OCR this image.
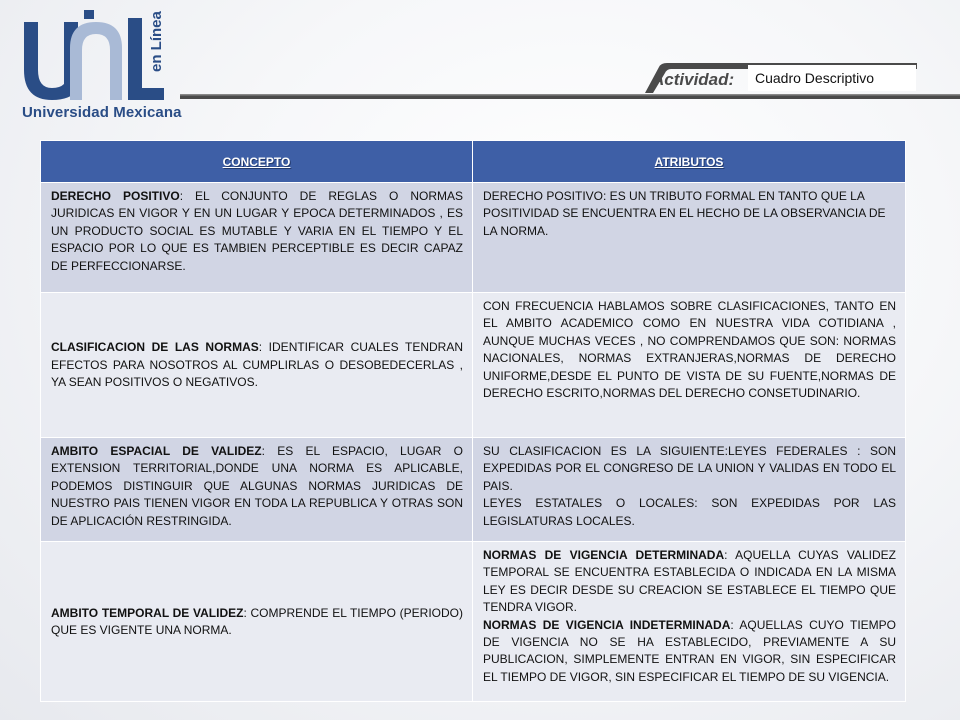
en Línea
Universidad Mexicana
Actividad:	Cuadro Descriptivo
CONCEPTO	ATRIBUTOS
DERECHO POSITIVO: EL CONJUNTO DE REGLAS O NORMAS JURIDICAS EN VIGOR Y EN UN LUGAR Y EPOCA DETERMINADOS , ES UN PRODUCTO SOCIAL ES MUTABLE Y VARIA EN EL TIEMPO Y EL ESPACIO POR LO QUE ES TAMBIEN PERCEPTIBLE ES DECIR CAPAZ DE PERFECCIONARSE.	DERECHO POSITIVO: ES UN TRIBUTO FORMAL EN TANTO QUE LA POSITIVIDAD SE ENCUENTRA EN EL HECHO DE LA OBSERVANCIA DE LA NORMA.
CLASIFICACION DE LAS NORMAS: IDENTIFICAR CUALES TENDRAN EFECTOS PARA NOSOTROS AL CUMPLIRLAS O DESOBEDECERLAS , YA SEAN POSITIVOS O NEGATIVOS.	CON FRECUENCIA HABLAMOS SOBRE CLASIFICACIONES, TANTO EN EL AMBITO ACADEMICO COMO EN NUESTRA VIDA COTIDIANA , AUNQUE MUCHAS VECES , NO COMPRENDAMOS QUE SON: NORMAS NACIONALES, NORMAS EXTRANJERAS,NORMAS DE DERECHO UNIFORME,DESDE EL PUNTO DE VISTA DE SU FUENTE,NORMAS DE DERECHO ESCRITO,NORMAS DEL DERECHO CONSETUDINARIO.
AMBITO ESPACIAL DE VALIDEZ: ES EL ESPACIO, LUGAR O EXTENSION TERRITORIAL,DONDE UNA NORMA ES APLICABLE, PODEMOS DISTINGUIR QUE ALGUNAS NORMAS JURIDICAS DE NUESTRO PAIS TIENEN VIGOR EN TODA LA REPUBLICA Y OTRAS SON DE APLICACIÓN RESTRINGIDA.	SU CLASIFICACION ES LA SIGUIENTE:LEYES FEDERALES : SON EXPEDIDAS POR EL CONGRESO DE LA UNION Y VALIDAS EN TODO EL PAIS.
LEYES ESTATALES O LOCALES: SON EXPEDIDAS POR LAS LEGISLATURAS LOCALES.

AMBITO TEMPORAL DE VALIDEZ: COMPRENDE EL TIEMPO (PERIODO) QUE ES VIGENTE UNA NORMA.	NORMAS DE VIGENCIA DETERMINADA: AQUELLA CUYAS VALIDEZ TEMPORAL SE ENCUENTRA ESTABLECIDA O INDICADA EN LA MISMA LEY ES DECIR DESDE SU CREACION SE ESTABLECE EL TIEMPO QUE TENDRA VIGOR.
NORMAS DE VIGENCIA INDETERMINADA: AQUELLAS CUYO TIEMPO DE VIGENCIA NO SE HA ESTABLECIDO, PREVIAMENTE A SU PUBLICACION, SIMPLEMENTE ENTRAN EN VIGOR, SIN ESPECIFICAR EL TIEMPO DE VIGOR, SIN ESPECIFICAR EL TIEMPO DE SU VIGENCIA.
